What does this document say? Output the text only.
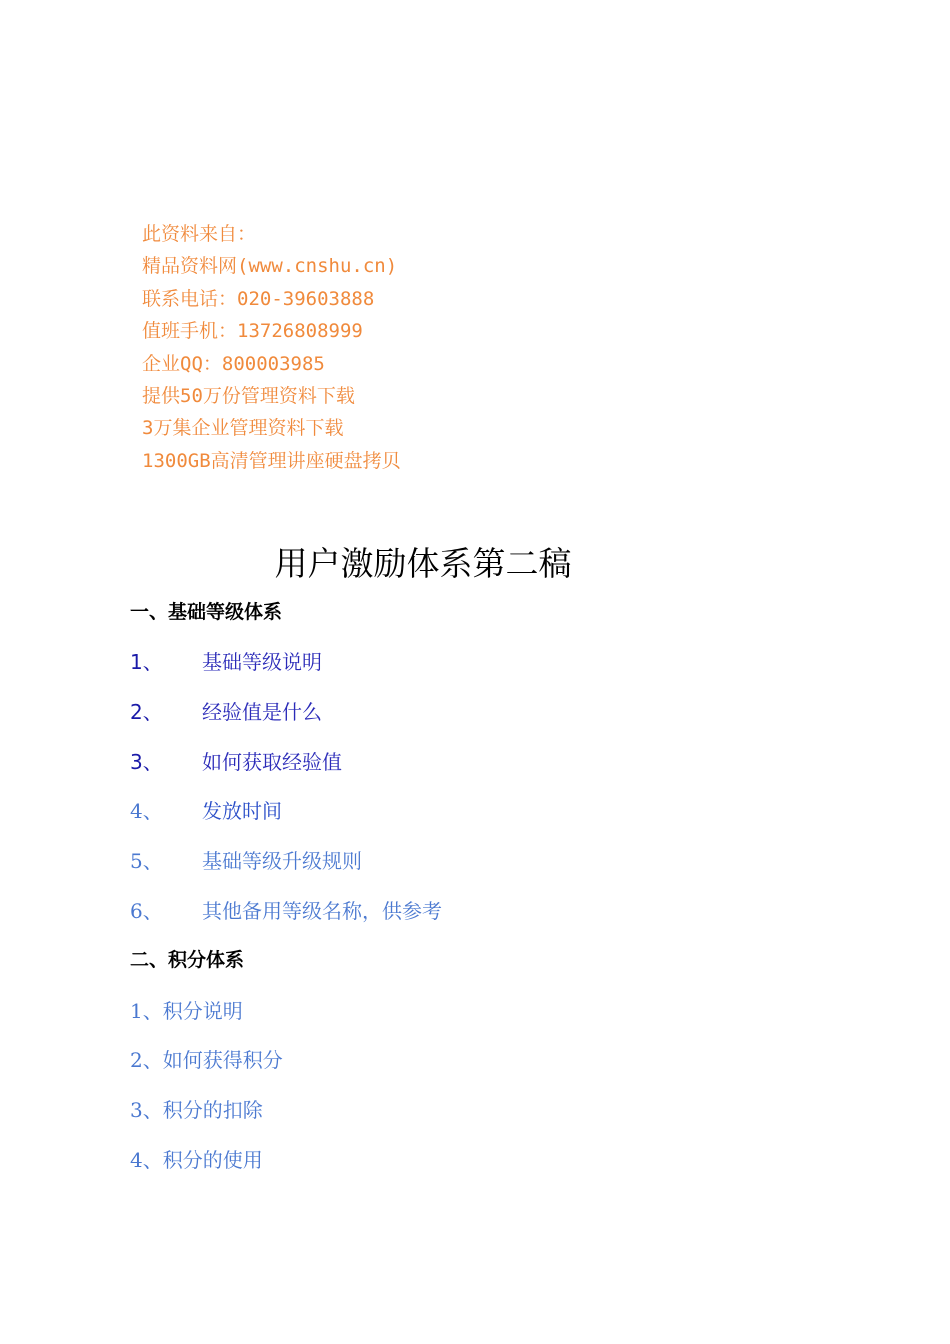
此资料来自：
精品资料网(www.cnshu.cn)
联系电话：020-39603888
值班手机：13726808999
企业QQ：800003985
提供50万份管理资料下载
3万集企业管理资料下载
1300GB高清管理讲座硬盘拷贝
用户激励体系第二稿
一、基础等级体系
1、 基础等级说明
2、 经验值是什么
3、 如何获取经验值
4、 发放时间
5、 基础等级升级规则
6、 其他备用等级名称，供参考
二、积分体系
1、积分说明
2、如何获得积分
3、积分的扣除
4、积分的使用
